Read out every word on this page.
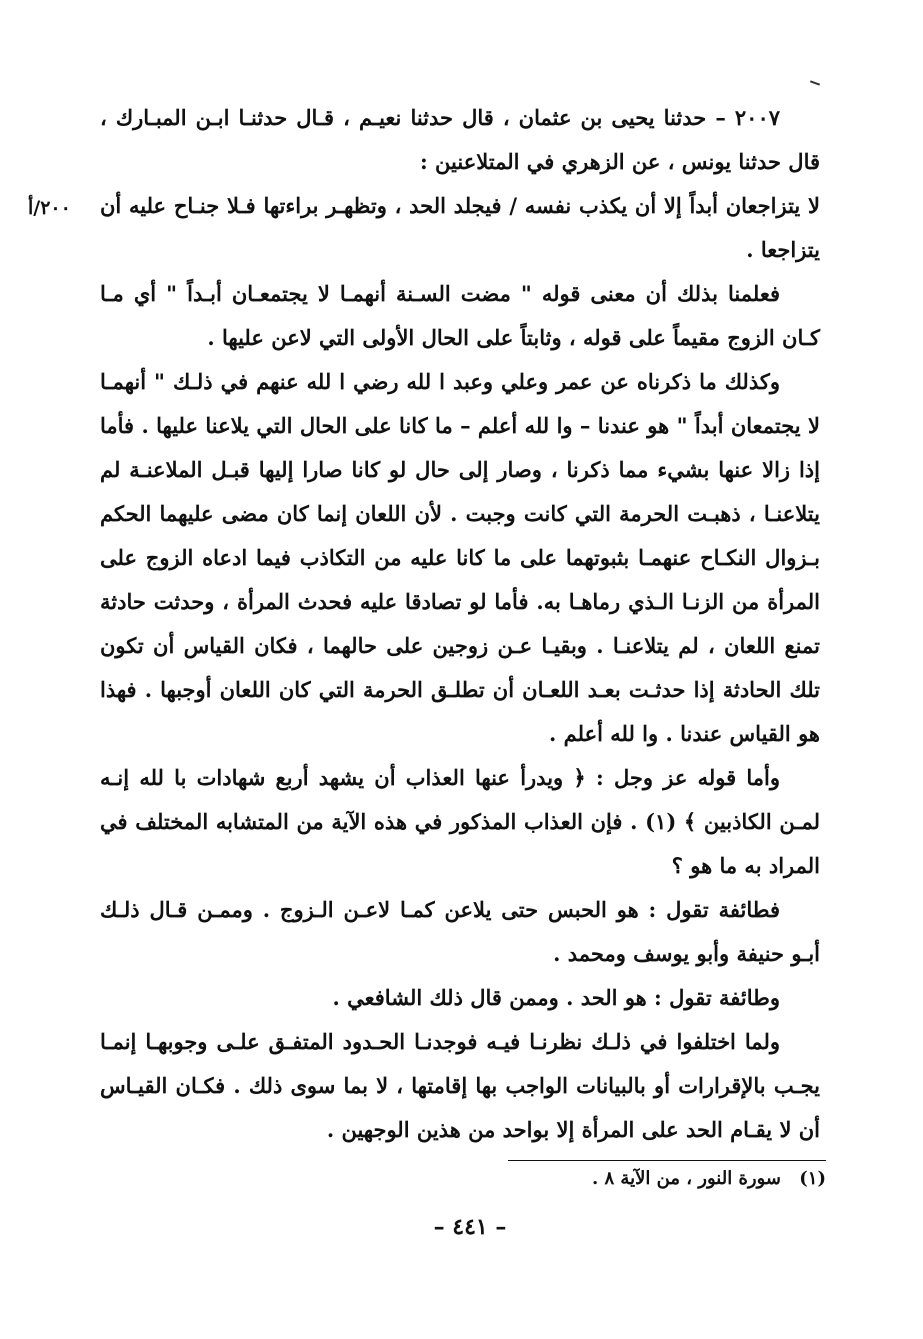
٢٠٠٧ – حدثنا يحيى بن عثمان ، قال حدثنا نعيـم ، قـال حدثنـا ابـن المبـارك ، قال حدثنا يونس ، عن الزهري في المتلاعنين :

لا يتزاجعان أبداً إلا أن يكذب نفسه / فيجلد الحد ، وتظهـر براءتها فـلا جنـاح عليه أن يتزاجعا .

فعلمنا بذلك أن معنى قوله " مضت السـنة أنهمـا لا يجتمعـان أبـداً " أي مـا كـان الزوج مقيماً على قوله ، وثابتاً على الحال الأولى التي لاعن عليها .

وكذلك ما ذكرناه عن عمر وعلي وعبد ا لله رضي ا لله عنهم في ذلـك " أنهمـا لا يجتمعان أبداً " هو عندنا – وا لله أعلم – ما كانا على الحال التي يلاعنا عليها . فأما إذا زالا عنها بشيء مما ذكرنا ، وصار إلى حال لو كانا صارا إليها قبـل الملاعنـة لم يتلاعنـا ، ذهبـت الحرمة التي كانت وجبت . لأن اللعان إنما كان مضى عليهما الحكم بـزوال النكـاح عنهمـا بثبوتهما على ما كانا عليه من التكاذب فيما ادعاه الزوج على المرأة من الزنـا الـذي رماهـا به. فأما لو تصادقا عليه فحدث المرأة ، وحدثت حادثة تمنع اللعان ، لم يتلاعنـا . وبقيـا عـن زوجين على حالهما ، فكان القياس أن تكون تلك الحادثة إذا حدثـت بعـد اللعـان أن تطلـق الحرمة التي كان اللعان أوجبها . فهذا هو القياس عندنا . وا لله أعلم .

وأما قوله عز وجل : ﴿ ويدرأ عنها العذاب أن يشهد أربع شهادات با لله إنـه لمـن الكاذبين ﴾ (١) . فإن العذاب المذكور في هذه الآية من المتشابه المختلف في المراد به ما هو ؟

فطائفة تقول : هو الحبس حتى يلاعن كمـا لاعـن الـزوج . وممـن قـال ذلـك أبـو حنيفة وأبو يوسف ومحمد .

وطائفة تقول : هو الحد . وممن قال ذلك الشافعي .

ولما اختلفوا في ذلـك نظرنـا فيـه فوجدنـا الحـدود المتفـق علـى وجوبهـا إنمـا يجـب بالإقرارات أو بالبيانات الواجب بها إقامتها ، لا بما سوى ذلك . فكـان القيـاس أن لا يقـام الحد على المرأة إلا بواحد من هذين الوجهين .

٢٠٠/أ
(١) سورة النور ، من الآية ٨ .
– ٤٤١ –
